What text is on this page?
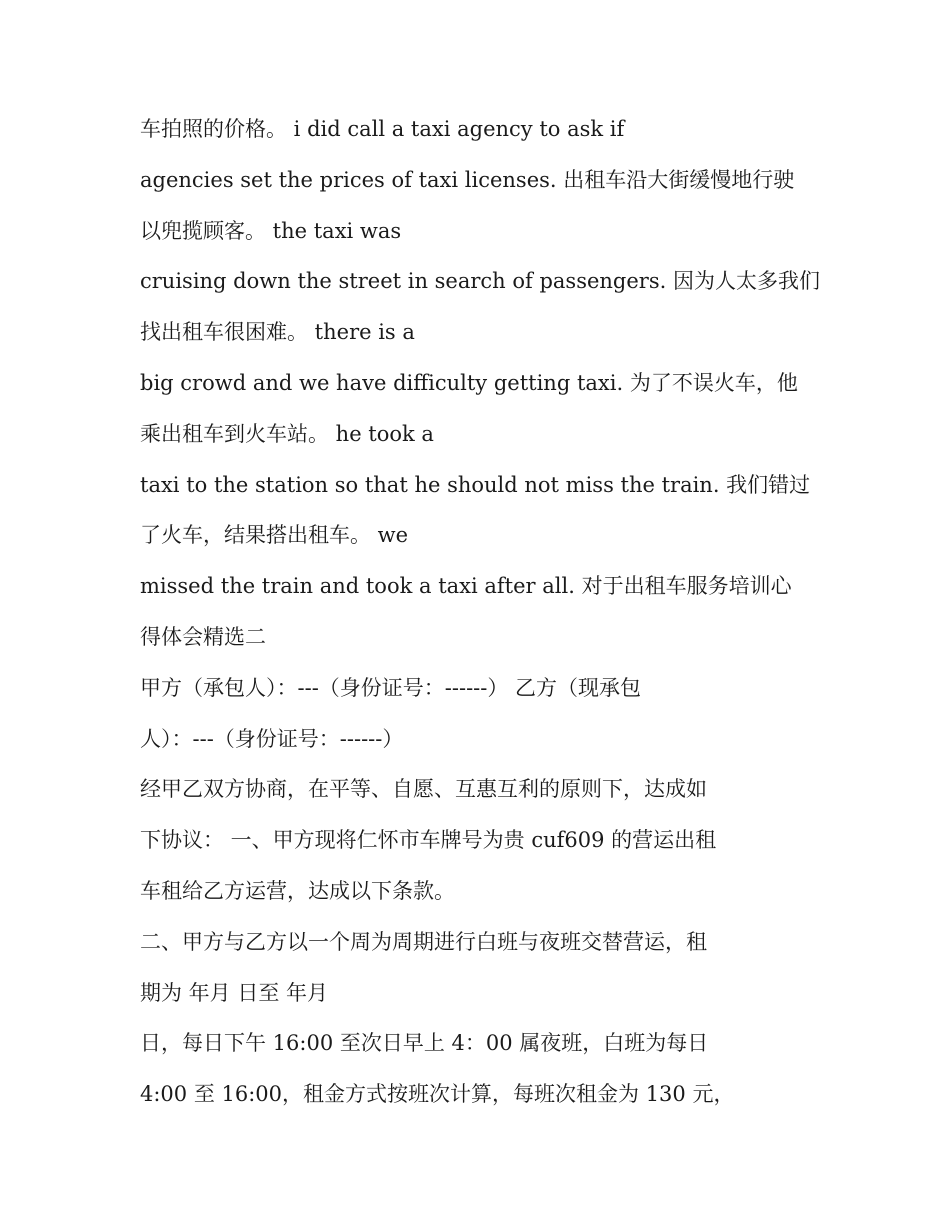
车拍照的价格。 i did call a taxi agency to ask if
agencies set the prices of taxi licenses. 出租车沿大街缓慢地行驶
以兜揽顾客。 the taxi was
cruising down the street in search of passengers. 因为人太多我们
找出租车很困难。 there is a
big crowd and we have difficulty getting taxi. 为了不误火车，他
乘出租车到火车站。 he took a
taxi to the station so that he should not miss the train. 我们错过
了火车，结果搭出租车。 we
missed the train and took a taxi after all. 对于出租车服务培训心
得体会精选二
甲方（承包人）：---（身份证号：------） 乙方（现承包
人）：---（身份证号：------）
经甲乙双方协商，在平等、自愿、互惠互利的原则下，达成如
下协议： 一、甲方现将仁怀市车牌号为贵 cuf609 的营运出租
车租给乙方运营，达成以下条款。
二、甲方与乙方以一个周为周期进行白班与夜班交替营运，租
期为 年月 日至 年月
日，每日下午 16:00 至次日早上 4：00 属夜班，白班为每日
4:00 至 16:00，租金方式按班次计算，每班次租金为 130 元，
